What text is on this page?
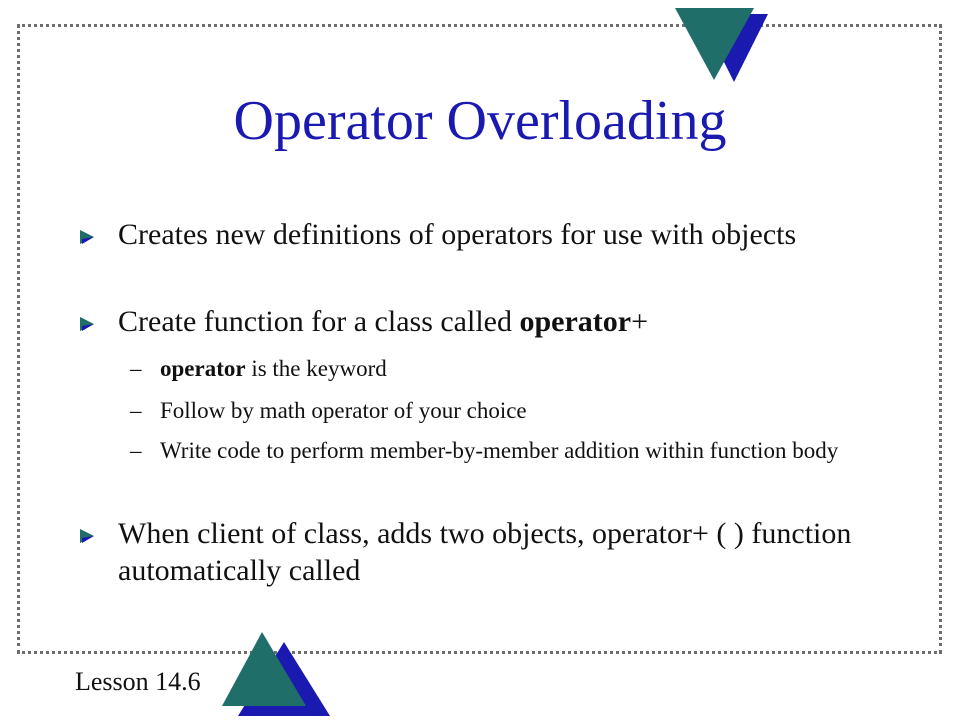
Operator Overloading
Creates new definitions of operators for use with objects
Create function for a class called operator+
– operator is the keyword
– Follow by math operator of your choice
– Write code to perform member-by-member addition within function body
When client of class, adds two objects, operator+ ( ) function automatically called
Lesson 14.6
